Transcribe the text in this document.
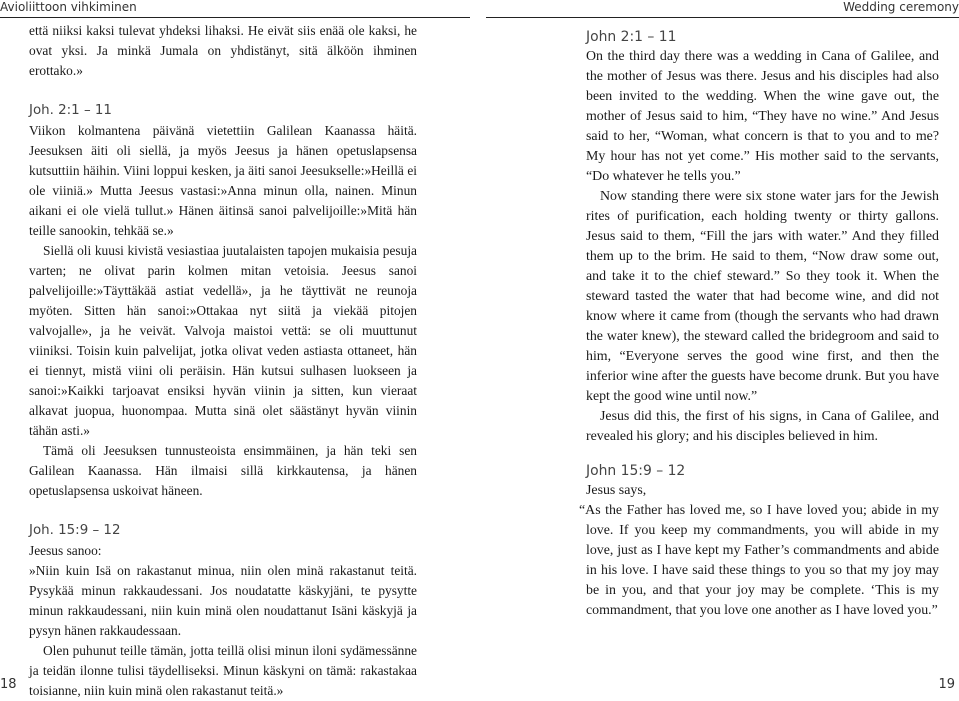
Avioliittoon vihkiminen

että niiksi kaksi tulevat yhdeksi lihaksi. He eivät siis enää ole kaksi, he ovat yksi. Ja minkä Jumala on yhdistänyt, sitä älköön ihminen erottako.»

Joh. 2:1 – 11

Viikon kolmantena päivänä vietettiin Galilean Kaanassa häitä. Jeesuksen äiti oli siellä, ja myös Jeesus ja hänen opetuslapsensa kutsuttiin häihin. Viini loppui kesken, ja äiti sanoi Jeesukselle:»Heillä ei ole viiniä.» Mutta Jeesus vastasi:»Anna minun olla, nainen. Minun aikani ei ole vielä tullut.» Hänen äitinsä sanoi palvelijoille:»Mitä hän teille sanookin, tehkää se.»

Siellä oli kuusi kivistä vesiastiaa juutalaisten tapojen mukaisia pesuja varten; ne olivat parin kolmen mitan vetoisia. Jeesus sanoi palvelijoille:»Täyttäkää astiat vedellä», ja he täyttivät ne reunoja myöten. Sitten hän sanoi:»Ottakaa nyt siitä ja viekää pitojen valvojalle», ja he veivät. Valvoja maistoi vettä: se oli muuttunut viiniksi. Toisin kuin palvelijat, jotka olivat veden astiasta ottaneet, hän ei tiennyt, mistä viini oli peräisin. Hän kutsui sulhasen luokseen ja sanoi:»Kaikki tarjoavat ensiksi hyvän viinin ja sitten, kun vieraat alkavat juopua, huonompaa. Mutta sinä olet säästänyt hyvän viinin tähän asti.»

Tämä oli Jeesuksen tunnusteoista ensimmäinen, ja hän teki sen Galilean Kaanassa. Hän ilmaisi sillä kirkkautensa, ja hänen opetuslapsensa uskoivat häneen.

Joh. 15:9 – 12

Jeesus sanoo:

»Niin kuin Isä on rakastanut minua, niin olen minä rakastanut teitä. Pysykää minun rakkaudessani. Jos noudatatte käskyjäni, te pysytte minun rakkaudessani, niin kuin minä olen noudattanut Isäni käskyjä ja pysyn hänen rakkaudessaan.

Olen puhunut teille tämän, jotta teillä olisi minun iloni sydämessänne ja teidän ilonne tulisi täydelliseksi. Minun käskyni on tämä: rakastakaa toisianne, niin kuin minä olen rakastanut teitä.»

18
Wedding ceremony

John 2:1 – 11

On the third day there was a wedding in Cana of Galilee, and the mother of Jesus was there. Jesus and his disciples had also been invited to the wedding. When the wine gave out, the mother of Jesus said to him, “They have no wine.” And Jesus said to her, “Woman, what concern is that to you and to me? My hour has not yet come.” His mother said to the servants, “Do whatever he tells you.”

Now standing there were six stone water jars for the Jewish rites of purification, each holding twenty or thirty gallons. Jesus said to them, “Fill the jars with water.” And they filled them up to the brim. He said to them, “Now draw some out, and take it to the chief steward.” So they took it. When the steward tasted the water that had become wine, and did not know where it came from (though the servants who had drawn the water knew), the steward called the bridegroom and said to him, “Everyone serves the good wine first, and then the inferior wine after the guests have become drunk. But you have kept the good wine until now.”

Jesus did this, the first of his signs, in Cana of Galilee, and revealed his glory; and his disciples believed in him.

John 15:9 – 12

Jesus says,

“As the Father has loved me, so I have loved you; abide in my love. If you keep my commandments, you will abide in my love, just as I have kept my Father’s commandments and abide in his love. I have said these things to you so that my joy may be in you, and that your joy may be complete. ‘This is my commandment, that you love one another as I have loved you.”

19
